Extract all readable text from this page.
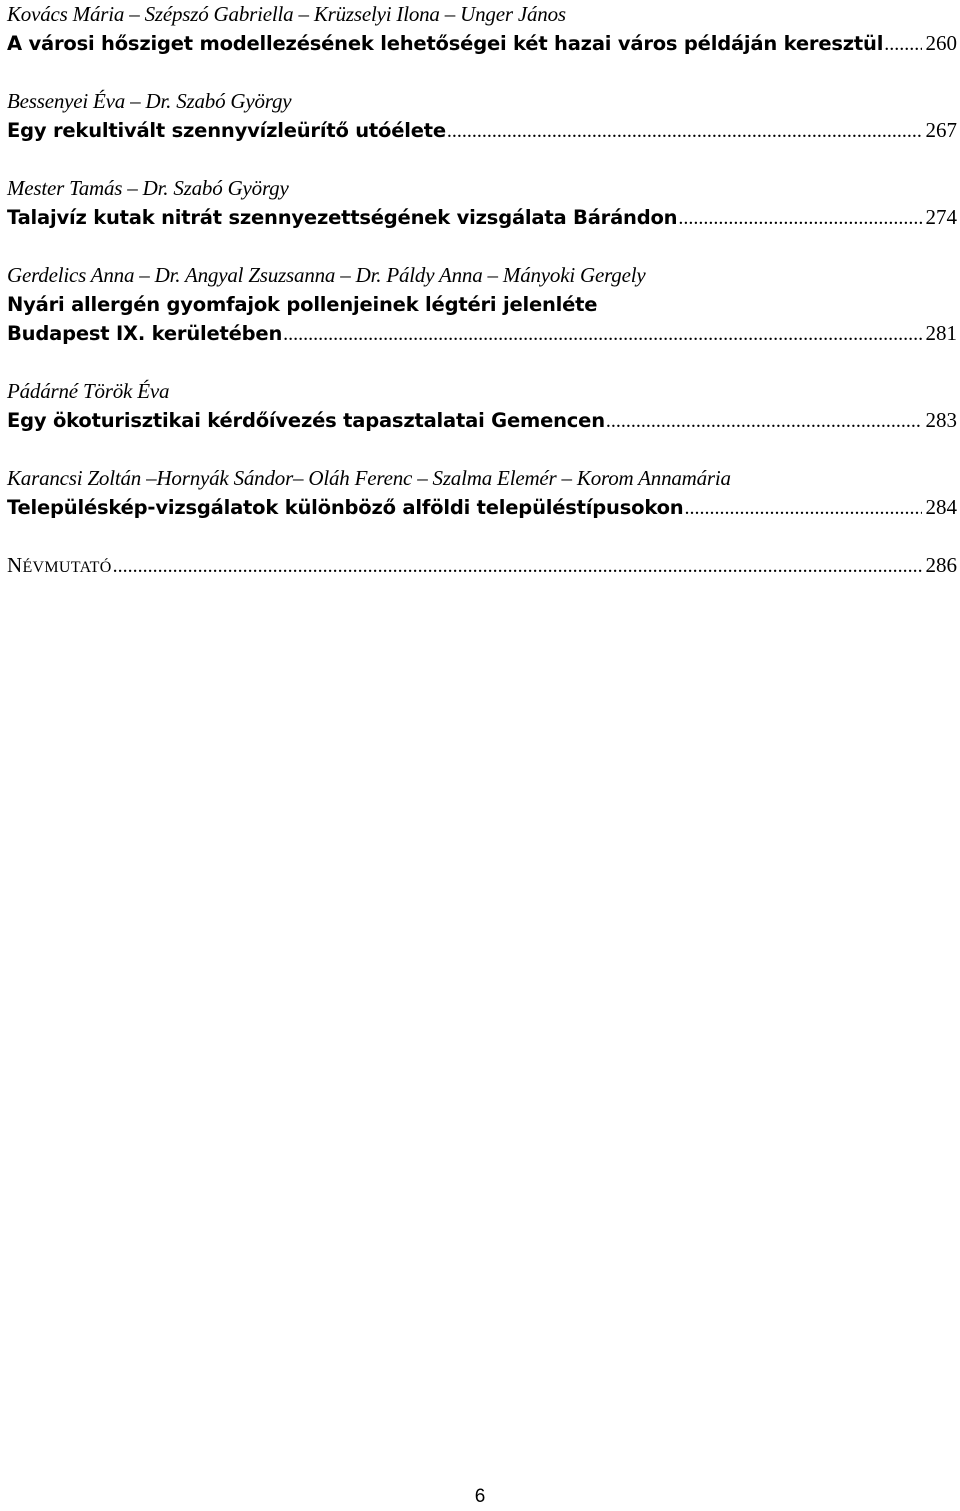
Kovács Mária – Szépszó Gabriella – Krüzselyi Ilona – Unger János
A városi hősziget modellezésének lehetőségei két hazai város példáján keresztül ..... 260
Bessenyei Éva – Dr. Szabó György
Egy rekultivált szennyvízleürítő utóélete .....	267
Mester Tamás – Dr. Szabó György
Talajvíz kutak nitrát szennyezettségének vizsgálata Bárándon .....	274
Gerdelics Anna – Dr. Angyal Zsuzsanna – Dr. Páldy Anna – Mányoki Gergely
Nyári allergén gyomfajok pollenjeinek légtéri jelenléte
Budapest IX. kerületében .....	281
Pádárné Török Éva
Egy ökoturisztikai kérdőívezés tapasztalatai Gemencen .....	283
Karancsi Zoltán –Hornyák Sándor– Oláh Ferenc – Szalma Elemér – Korom Annamária
Településkép-vizsgálatok különböző alföldi településtípusokon .....	284
NÉVMUTATÓ .....	286
6
